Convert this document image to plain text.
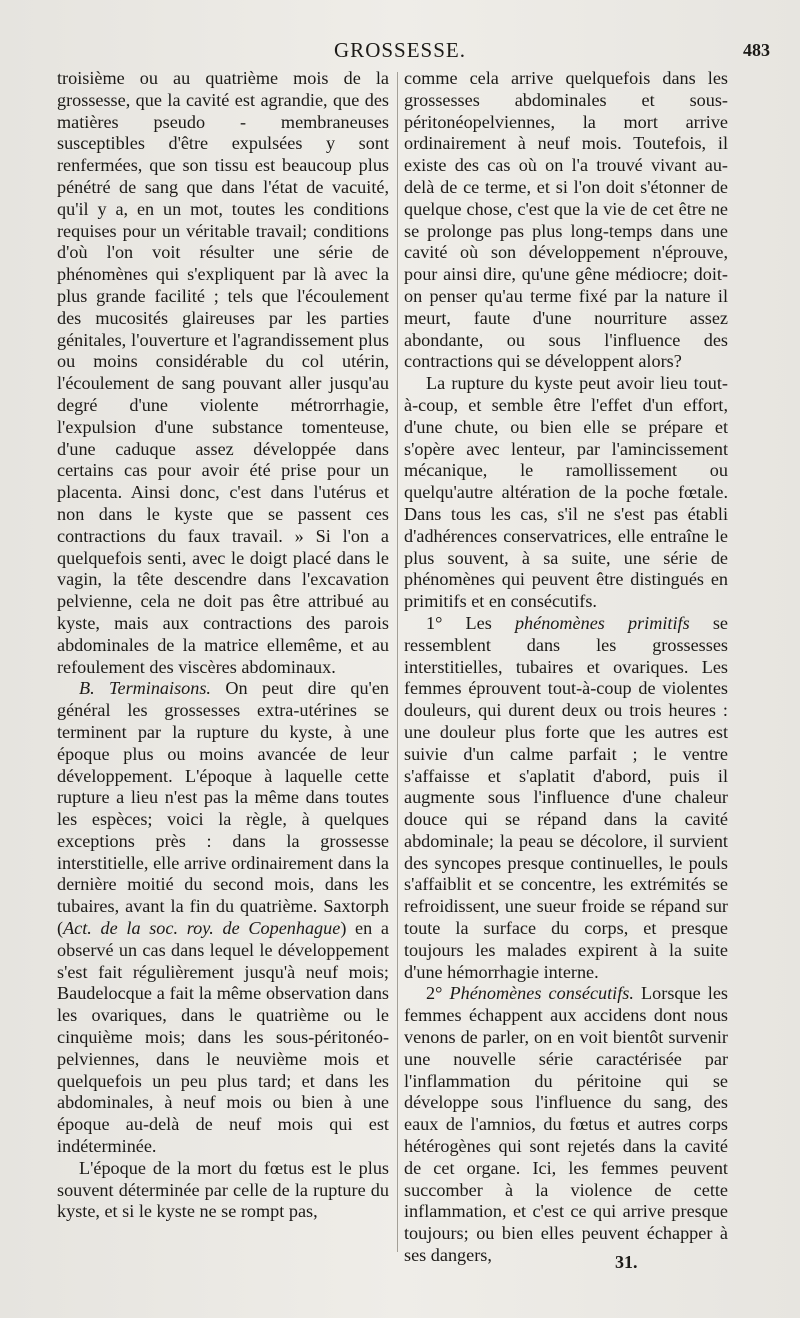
GROSSESSE.	483

troisième ou au quatrième mois de la grossesse, que la cavité est agrandie, que des matières pseudo - membraneuses susceptibles d'être expulsées y sont renfermées, que son tissu est beaucoup plus pénétré de sang que dans l'état de vacuité, qu'il y a, en un mot, toutes les conditions requises pour un véritable travail; conditions d'où l'on voit résulter une série de phénomènes qui s'expliquent par là avec la plus grande facilité ; tels que l'écoulement des mucosités glaireuses par les parties génitales, l'ouverture et l'agrandissement plus ou moins considérable du col utérin, l'écoulement de sang pouvant aller jusqu'au degré d'une violente métrorrhagie, l'expulsion d'une substance tomenteuse, d'une caduque assez développée dans certains cas pour avoir été prise pour un placenta. Ainsi donc, c'est dans l'utérus et non dans le kyste que se passent ces contractions du faux travail. » Si l'on a quelquefois senti, avec le doigt placé dans le vagin, la tête descendre dans l'excavation pelvienne, cela ne doit pas être attribué au kyste, mais aux contractions des parois abdominales de la matrice ellemême, et au refoulement des viscères abdominaux.

B. Terminaisons. On peut dire qu'en général les grossesses extra-utérines se terminent par la rupture du kyste, à une époque plus ou moins avancée de leur développement. L'époque à laquelle cette rupture a lieu n'est pas la même dans toutes les espèces; voici la règle, à quelques exceptions près : dans la grossesse interstitielle, elle arrive ordinairement dans la dernière moitié du second mois, dans les tubaires, avant la fin du quatrième. Saxtorph (Act. de la soc. roy. de Copenhague) en a observé un cas dans lequel le développement s'est fait régulièrement jusqu'à neuf mois; Baudelocque a fait la même observation dans les ovariques, dans le quatrième ou le cinquième mois; dans les sous-péritonéo-pelviennes, dans le neuvième mois et quelquefois un peu plus tard; et dans les abdominales, à neuf mois ou bien à une époque au-delà de neuf mois qui est indéterminée.

L'époque de la mort du fœtus est le plus souvent déterminée par celle de la rupture du kyste, et si le kyste ne se rompt pas,

comme cela arrive quelquefois dans les grossesses abdominales et sous-péritonéopelviennes, la mort arrive ordinairement à neuf mois. Toutefois, il existe des cas où on l'a trouvé vivant au-delà de ce terme, et si l'on doit s'étonner de quelque chose, c'est que la vie de cet être ne se prolonge pas plus long-temps dans une cavité où son développement n'éprouve, pour ainsi dire, qu'une gêne médiocre; doit-on penser qu'au terme fixé par la nature il meurt, faute d'une nourriture assez abondante, ou sous l'influence des contractions qui se développent alors?

La rupture du kyste peut avoir lieu tout-à-coup, et semble être l'effet d'un effort, d'une chute, ou bien elle se prépare et s'opère avec lenteur, par l'amincissement mécanique, le ramollissement ou quelqu'autre altération de la poche fœtale. Dans tous les cas, s'il ne s'est pas établi d'adhérences conservatrices, elle entraîne le plus souvent, à sa suite, une série de phénomènes qui peuvent être distingués en primitifs et en consécutifs.

1° Les phénomènes primitifs se ressemblent dans les grossesses interstitielles, tubaires et ovariques. Les femmes éprouvent tout-à-coup de violentes douleurs, qui durent deux ou trois heures : une douleur plus forte que les autres est suivie d'un calme parfait ; le ventre s'affaisse et s'aplatit d'abord, puis il augmente sous l'influence d'une chaleur douce qui se répand dans la cavité abdominale; la peau se décolore, il survient des syncopes presque continuelles, le pouls s'affaiblit et se concentre, les extrémités se refroidissent, une sueur froide se répand sur toute la surface du corps, et presque toujours les malades expirent à la suite d'une hémorrhagie interne.

2° Phénomènes consécutifs. Lorsque les femmes échappent aux accidens dont nous venons de parler, on en voit bientôt survenir une nouvelle série caractérisée par l'inflammation du péritoine qui se développe sous l'influence du sang, des eaux de l'amnios, du fœtus et autres corps hétérogènes qui sont rejetés dans la cavité de cet organe. Ici, les femmes peuvent succomber à la violence de cette inflammation, et c'est ce qui arrive presque toujours; ou bien elles peuvent échapper à ses dangers,	31.
